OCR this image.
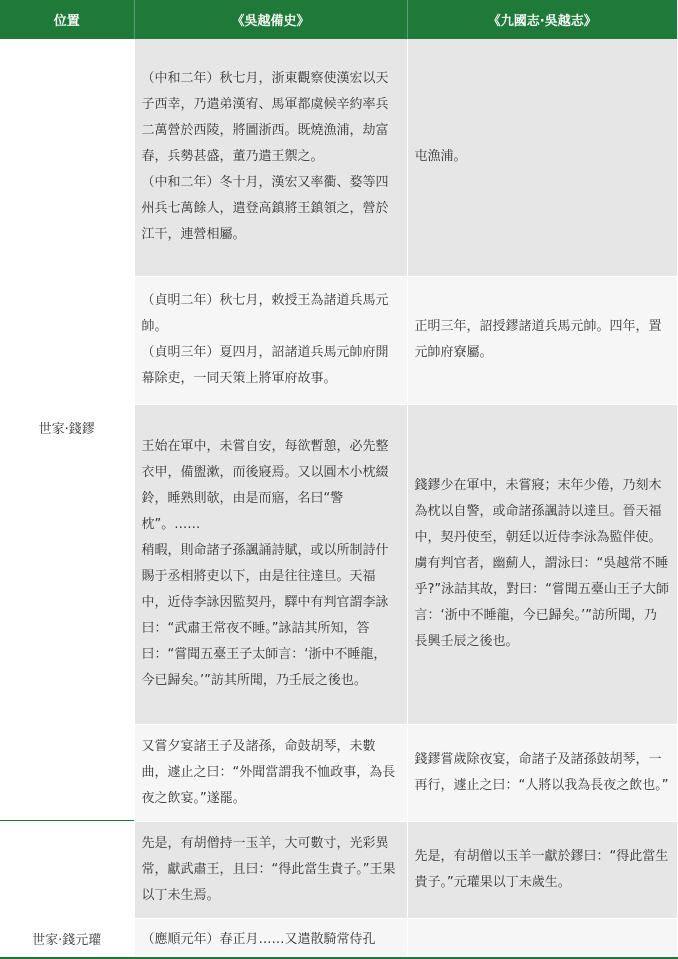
位置	《吳越備史》	《九國志·吳越志》
世家·錢鏐	（中和二年）秋七月，浙東觀察使漢宏以天子西幸，乃遣弟漢宥、馬軍都虞候辛約率兵二萬營於西陵，將圖浙西。既燒漁浦，劫富春，兵勢甚盛，董乃遣王禦之。
（中和二年）冬十月，漢宏又率衢、婺等四州兵七萬餘人，遣登高鎮將王鎮領之，營於江干，連營相屬。	屯漁浦。

	（貞明二年）秋七月，敕授王為諸道兵馬元帥。
（貞明三年）夏四月，詔諸道兵馬元帥府開幕除吏，一同天策上將軍府故事。	正明三年，詔授鏐諸道兵馬元帥。四年，置元帥府寮屬。

	王始在軍中，未嘗自安，每欲暫憩，必先整衣甲，備盥漱，而後寢焉。又以圓木小枕綴鈴，睡熟則欹，由是而寤，名曰“警枕”。……
稍暇，則命諸子孫諷誦詩賦，或以所制詩什賜于丞相將吏以下，由是往往達旦。天福中，近侍李詠因監契丹，驛中有判官謂李詠曰：“武肅王常夜不睡。”詠詰其所知，答曰：“嘗聞五臺王子太師言：‘浙中不睡龍，今已歸矣。’”訪其所聞，乃壬辰之後也。	錢鏐少在軍中，未嘗寢；末年少倦，乃刻木為枕以自警，或命諸孫諷詩以達旦。晉天福中，契丹使至，朝廷以近侍李泳為監伴使。虜有判官者，幽薊人，謂泳曰：“吳越常不睡乎?”泳詰其故，對曰：“嘗聞五臺山王子大師言：‘浙中不睡龍，今已歸矣。’”訪所聞，乃長興壬辰之後也。

	又嘗夕宴諸王子及諸孫，命鼓胡琴，未數曲，遽止之曰：“外聞當謂我不恤政事，為長夜之飲宴。”遂罷。	錢鏐嘗歲除夜宴，命諸子及諸孫鼓胡琴，一再行，遽止之曰：“人將以我為長夜之飲也。”

世家·錢元瓘	先是，有胡僧持一玉羊，大可數寸，光彩異常，獻武肅王，且曰：“得此當生貴子。”王果以丁未生焉。	先是，有胡僧以玉羊一獻於鏐曰：“得此當生貴子。”元瓘果以丁未歲生。

	（應順元年）春正月……又遣散騎常侍孔	
